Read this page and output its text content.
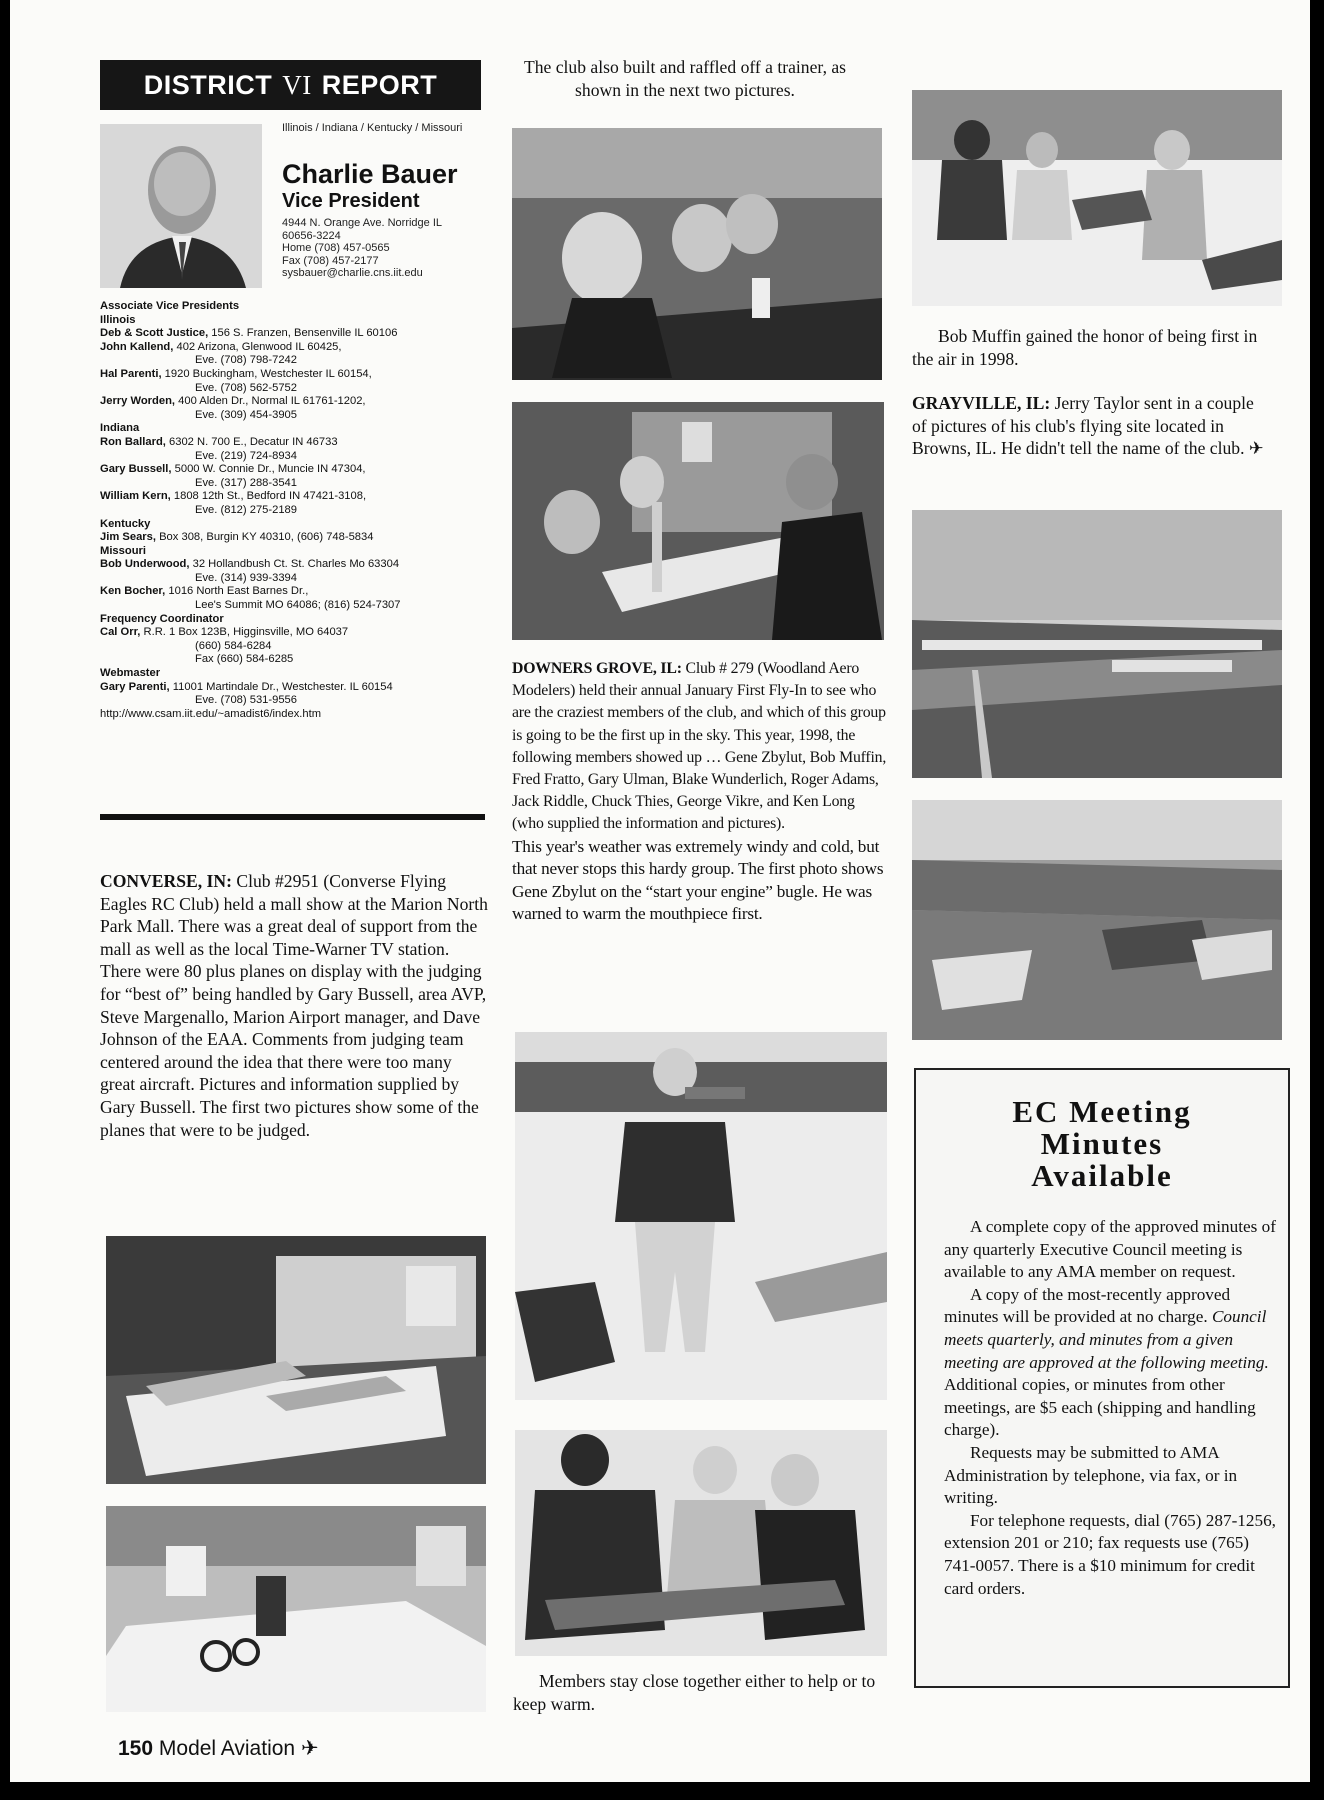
DISTRICT VI REPORT
Illinois / Indiana / Kentucky / Missouri
Charlie Bauer
Vice President
4944 N. Orange Ave. Norridge IL
60656-3224
Home (708) 457-0565
Fax (708) 457-2177
sysbauer@charlie.cns.iit.edu
Associate Vice Presidents
Illinois
Deb & Scott Justice, 156 S. Franzen, Bensenville IL 60106
John Kallend, 402 Arizona, Glenwood IL 60425,
Eve. (708) 798-7242
Hal Parenti, 1920 Buckingham, Westchester IL 60154,
Eve. (708) 562-5752
Jerry Worden, 400 Alden Dr., Normal IL 61761-1202,
Eve. (309) 454-3905
Indiana
Ron Ballard, 6302 N. 700 E., Decatur IN 46733
Eve. (219) 724-8934
Gary Bussell, 5000 W. Connie Dr., Muncie IN 47304,
Eve. (317) 288-3541
William Kern, 1808 12th St., Bedford IN 47421-3108,
Eve. (812) 275-2189
Kentucky
Jim Sears, Box 308, Burgin KY 40310, (606) 748-5834
Missouri
Bob Underwood, 32 Hollandbush Ct. St. Charles Mo 63304
Eve. (314) 939-3394
Ken Bocher, 1016 North East Barnes Dr.,
Lee's Summit MO 64086; (816) 524-7307
Frequency Coordinator
Cal Orr, R.R. 1 Box 123B, Higginsville, MO 64037
(660) 584-6284
Fax (660) 584-6285
Webmaster
Gary Parenti, 11001 Martindale Dr., Westchester. IL 60154
Eve. (708) 531-9556
http://www.csam.iit.edu/~amadist6/index.htm
CONVERSE, IN: Club #2951 (Converse Flying Eagles RC Club) held a mall show at the Marion North Park Mall. There was a great deal of support from the mall as well as the local Time-Warner TV station. There were 80 plus planes on display with the judging for “best of” being handled by Gary Bussell, area AVP, Steve Margenallo, Marion Airport manager, and Dave Johnson of the EAA. Comments from judging team centered around the idea that there were too many great aircraft. Pictures and information supplied by Gary Bussell. The first two pictures show some of the planes that were to be judged.
The club also built and raffled off a trainer, as shown in the next two pictures.
DOWNERS GROVE, IL: Club # 279 (Woodland Aero Modelers) held their annual January First Fly-In to see who are the craziest members of the club, and which of this group is going to be the first up in the sky. This year, 1998, the following members showed up … Gene Zbylut, Bob Muffin, Fred Fratto, Gary Ulman, Blake Wunderlich, Roger Adams, Jack Riddle, Chuck Thies, George Vikre, and Ken Long (who supplied the information and pictures).
This year's weather was extremely windy and cold, but that never stops this hardy group. The first photo shows Gene Zbylut on the “start your engine” bugle. He was warned to warm the mouthpiece first.
Members stay close together either to help or to keep warm.
Bob Muffin gained the honor of being first in the air in 1998.
GRAYVILLE, IL: Jerry Taylor sent in a couple of pictures of his club's flying site located in Browns, IL. He didn't tell the name of the club. ✈
EC Meeting
Minutes
Available

A complete copy of the approved minutes of any quarterly Executive Council meeting is available to any AMA member on request.

A copy of the most-recently approved minutes will be provided at no charge. Council meets quarterly, and minutes from a given meeting are approved at the following meeting. Additional copies, or minutes from other meetings, are $5 each (shipping and handling charge).

Requests may be submitted to AMA Administration by telephone, via fax, or in writing.

For telephone requests, dial (765) 287-1256, extension 201 or 210; fax requests use (765) 741-0057. There is a $10 minimum for credit card orders.

150 Model Aviation ✈
